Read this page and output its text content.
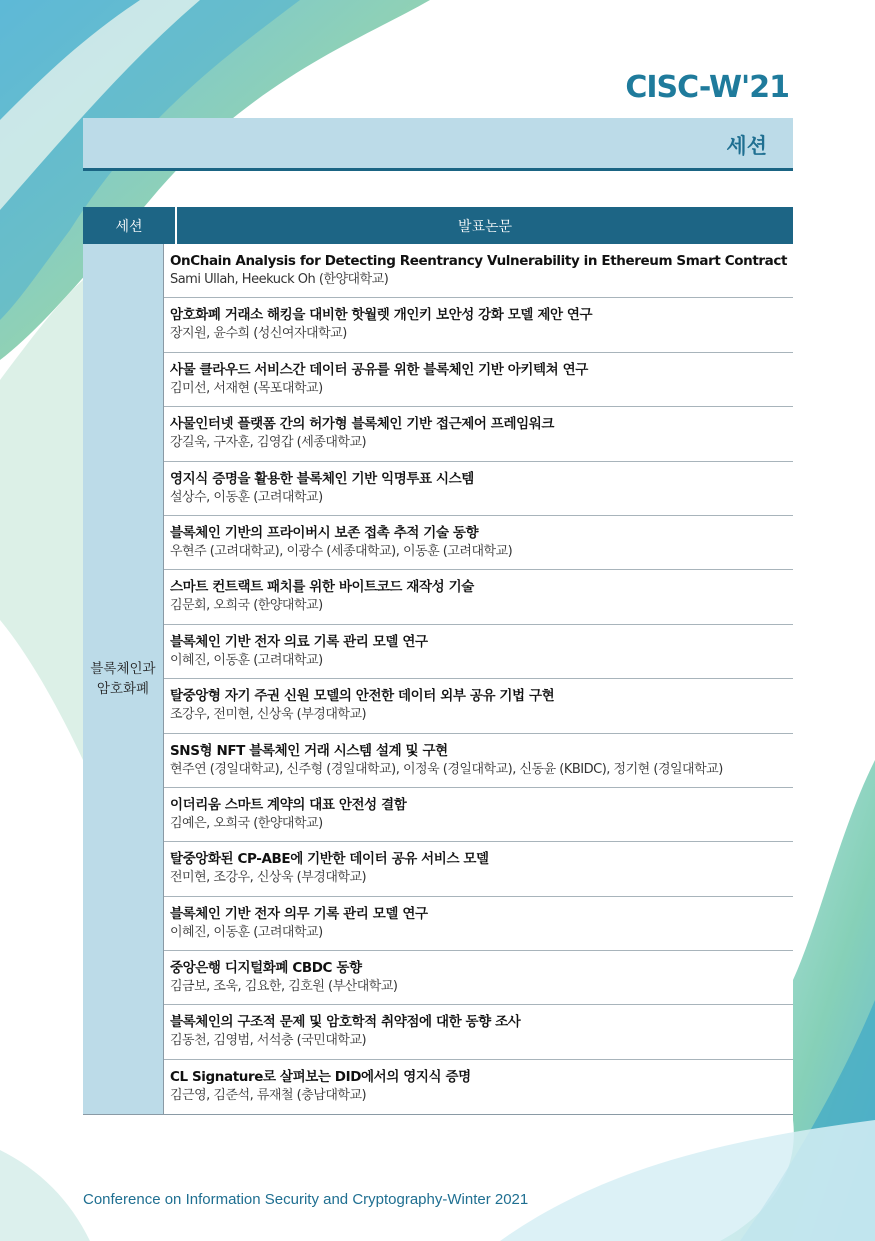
CISC-W'21
세션
세션	발표논문
블록체인과
암호화폐
OnChain Analysis for Detecting Reentrancy Vulnerability in Ethereum Smart Contract
Sami Ullah, Heekuck Oh (한양대학교)
암호화폐 거래소 해킹을 대비한 핫월렛 개인키 보안성 강화 모델 제안 연구
장지원, 윤수희 (성신여자대학교)
사물 클라우드 서비스간 데이터 공유를 위한 블록체인 기반 아키텍쳐 연구
김미선, 서재현 (목포대학교)
사물인터넷 플랫폼 간의 허가형 블록체인 기반 접근제어 프레임워크
강길욱, 구자훈, 김영갑 (세종대학교)
영지식 증명을 활용한 블록체인 기반 익명투표 시스템
설상수, 이동훈 (고려대학교)
블록체인 기반의 프라이버시 보존 접촉 추적 기술 동향
우현주 (고려대학교), 이광수 (세종대학교), 이동훈 (고려대학교)
스마트 컨트랙트 패치를 위한 바이트코드 재작성 기술
김문회, 오희국 (한양대학교)
블록체인 기반 전자 의료 기록 관리 모델 연구
이혜진, 이동훈 (고려대학교)
탈중앙형 자기 주권 신원 모델의 안전한 데이터 외부 공유 기법 구현
조강우, 전미현, 신상욱 (부경대학교)
SNS형 NFT 블록체인 거래 시스템 설계 및 구현
현주연 (경일대학교), 신주형 (경일대학교), 이정욱 (경일대학교), 신동윤 (KBIDC), 정기현 (경일대학교)
이더리움 스마트 계약의 대표 안전성 결함
김예은, 오희국 (한양대학교)
탈중앙화된 CP-ABE에 기반한 데이터 공유 서비스 모델
전미현, 조강우, 신상욱 (부경대학교)
블록체인 기반 전자 의무 기록 관리 모델 연구
이혜진, 이동훈 (고려대학교)
중앙은행 디지털화폐 CBDC 동향
김금보, 조욱, 김요한, 김호원 (부산대학교)
블록체인의 구조적 문제 및 암호학적 취약점에 대한 동향 조사
김동천, 김영범, 서석충 (국민대학교)
CL Signature로 살펴보는 DID에서의 영지식 증명
김근영, 김준석, 류재철 (충남대학교)
Conference on Information Security and Cryptography-Winter 2021
